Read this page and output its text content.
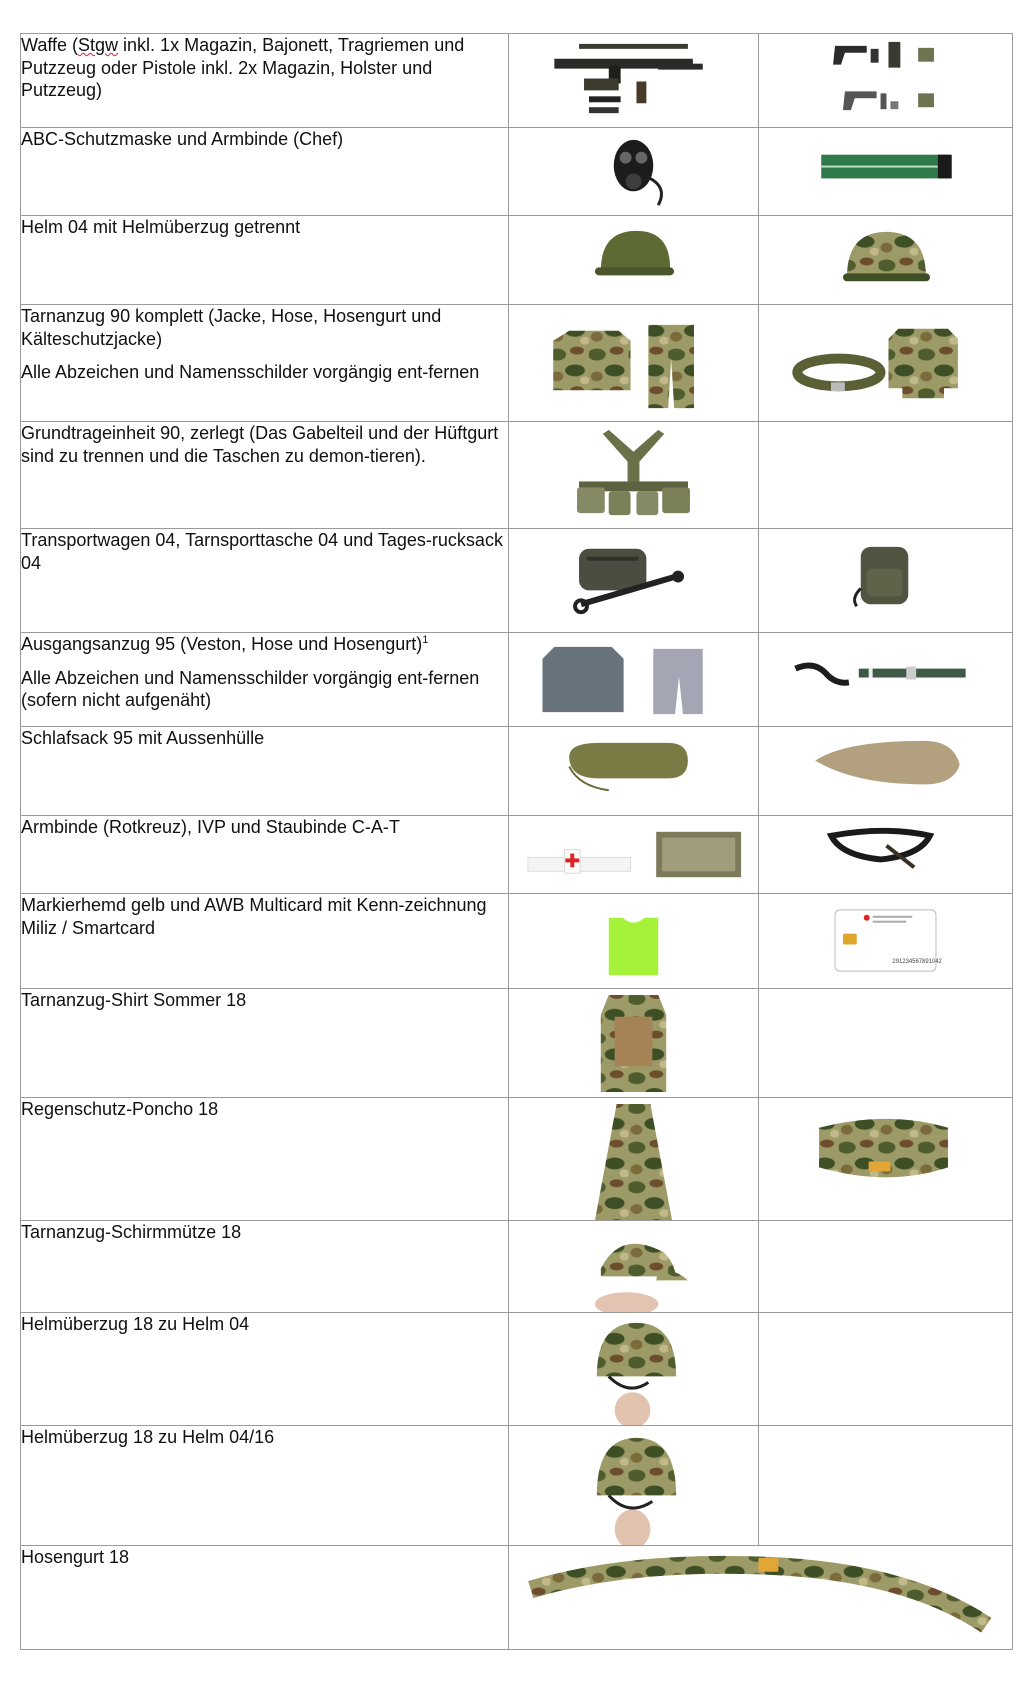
Waffe (Stgw inkl. 1x Magazin, Bajonett, Tragriemen und Putzzeug oder Pistole inkl. 2x Magazin, Holster und Putzzeug)

ABC-Schutzmaske und Armbinde (Chef)

Helm 04 mit Helmüberzug getrennt

Tarnanzug 90 komplett (Jacke, Hose, Hosengurt und Kälteschutzjacke)

Alle Abzeichen und Namensschilder vorgängig ent-fernen

Grundtrageinheit 90, zerlegt (Das Gabelteil und der Hüftgurt sind zu trennen und die Taschen zu demon-tieren).

Transportwagen 04, Tarnsporttasche 04 und Tages-rucksack 04

Ausgangsanzug 95 (Veston, Hose und Hosengurt)$^1$

Alle Abzeichen und Namensschilder vorgängig ent-fernen (sofern nicht aufgenäht)

Schlafsack 95 mit Aussenhülle

Armbinde (Rotkreuz), IVP und Staubinde C-A-T

Markierhemd gelb und AWB Multicard mit Kenn-zeichnung Miliz / Smartcard		291234567891042

Tarnanzug-Shirt Sommer 18

Regenschutz-Poncho 18

Tarnanzug-Schirmmütze 18

Helmüberzug 18 zu Helm 04

Helmüberzug 18 zu Helm 04/16

Hosengurt 18
